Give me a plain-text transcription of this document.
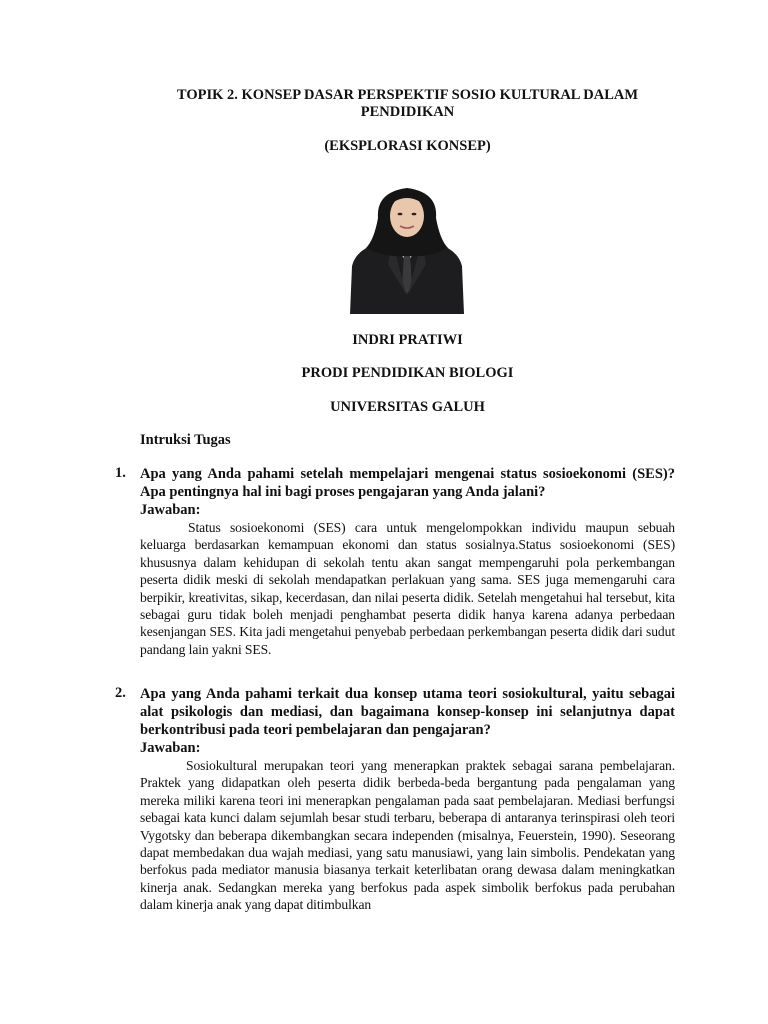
TOPIK 2. KONSEP DASAR PERSPEKTIF SOSIO KULTURAL DALAM PENDIDIKAN
(EKSPLORASI KONSEP)
INDRI PRATIWI
PRODI PENDIDIKAN BIOLOGI
UNIVERSITAS GALUH
Intruksi Tugas
1. Apa yang Anda pahami setelah mempelajari mengenai status sosioekonomi (SES)? Apa pentingnya hal ini bagi proses pengajaran yang Anda jalani?

Jawaban:

Status sosioekonomi (SES) cara untuk mengelompokkan individu maupun sebuah keluarga berdasarkan kemampuan ekonomi dan status sosialnya.Status sosioekonomi (SES) khususnya dalam kehidupan di sekolah tentu akan sangat mempengaruhi pola perkembangan peserta didik meski di sekolah mendapatkan perlakuan yang sama. SES juga memengaruhi cara berpikir, kreativitas, sikap, kecerdasan, dan nilai peserta didik. Setelah mengetahui hal tersebut, kita sebagai guru tidak boleh menjadi penghambat peserta didik hanya karena adanya perbedaan kesenjangan SES. Kita jadi mengetahui penyebab perbedaan perkembangan peserta didik dari sudut pandang lain yakni SES.

2. Apa yang Anda pahami terkait dua konsep utama teori sosiokultural, yaitu sebagai alat psikologis dan mediasi, dan bagaimana konsep-konsep ini selanjutnya dapat berkontribusi pada teori pembelajaran dan pengajaran?

Jawaban:

Sosiokultural merupakan teori yang menerapkan praktek sebagai sarana pembelajaran. Praktek yang didapatkan oleh peserta didik berbeda-beda bergantung pada pengalaman yang mereka miliki karena teori ini menerapkan pengalaman pada saat pembelajaran. Mediasi berfungsi sebagai kata kunci dalam sejumlah besar studi terbaru, beberapa di antaranya terinspirasi oleh teori Vygotsky dan beberapa dikembangkan secara independen (misalnya, Feuerstein, 1990). Seseorang dapat membedakan dua wajah mediasi, yang satu manusiawi, yang lain simbolis. Pendekatan yang berfokus pada mediator manusia biasanya terkait keterlibatan orang dewasa dalam meningkatkan kinerja anak. Sedangkan mereka yang berfokus pada aspek simbolik berfokus pada perubahan dalam kinerja anak yang dapat ditimbulkan
